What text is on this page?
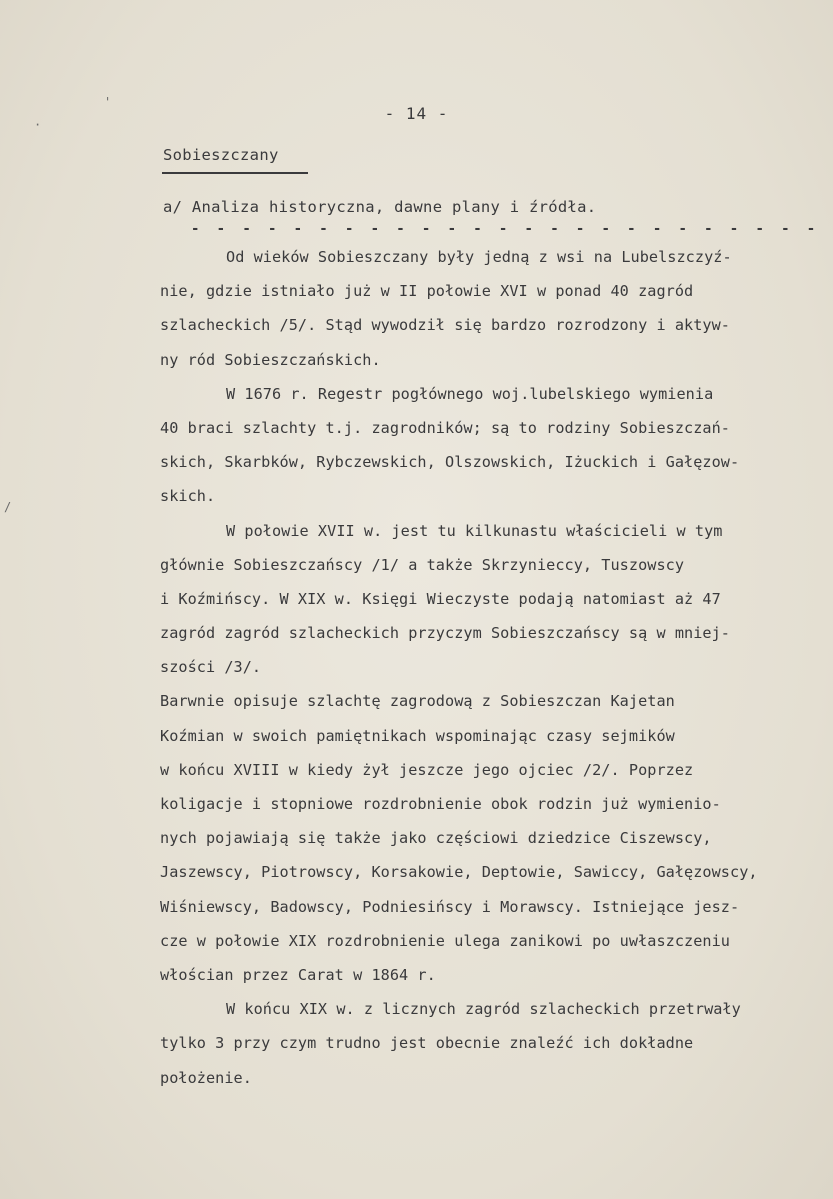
·
'
/
- 14 -
Sobieszczany
a/ Analiza historyczna, dawne plany i źródła.
- - - - - - - - - - - - - - - - - - - - - - - - -
Od wieków Sobieszczany były jedną z wsi na Lubelszczyź-
nie, gdzie istniało już w II połowie XVI w ponad 40 zagród
szlacheckich /5/. Stąd wywodził się bardzo rozrodzony i aktyw-
ny ród Sobieszczańskich.
W 1676 r. Regestr pogłównego woj.lubelskiego wymienia
40 braci szlachty t.j. zagrodników; są to rodziny Sobieszczań-
skich, Skarbków, Rybczewskich, Olszowskich, Iżuckich i Gałęzow-
skich.
W połowie XVII w. jest tu kilkunastu właścicieli w tym
głównie Sobieszczańscy /1/ a także Skrzynieccy, Tuszowscy
i Koźmińscy. W XIX w. Księgi Wieczyste podają natomiast aż 47
zagród zagród szlacheckich przyczym Sobieszczańscy są w mniej-
szości /3/.
Barwnie opisuje szlachtę zagrodową z Sobieszczan Kajetan
Koźmian w swoich pamiętnikach wspominając czasy sejmików
w końcu XVIII w kiedy żył jeszcze jego ojciec /2/. Poprzez
koligacje i stopniowe rozdrobnienie obok rodzin już wymienio-
nych pojawiają się także jako częściowi dziedzice Ciszewscy,
Jaszewscy, Piotrowscy, Korsakowie, Deptowie, Sawiccy, Gałęzowscy,
Wiśniewscy, Badowscy, Podniesińscy i Morawscy. Istniejące jesz-
cze w połowie XIX rozdrobnienie ulega zanikowi po uwłaszczeniu
włościan przez Carat w 1864 r.
W końcu XIX w. z licznych zagród szlacheckich przetrwały
tylko 3 przy czym trudno jest obecnie znaleźć ich dokładne
położenie.
